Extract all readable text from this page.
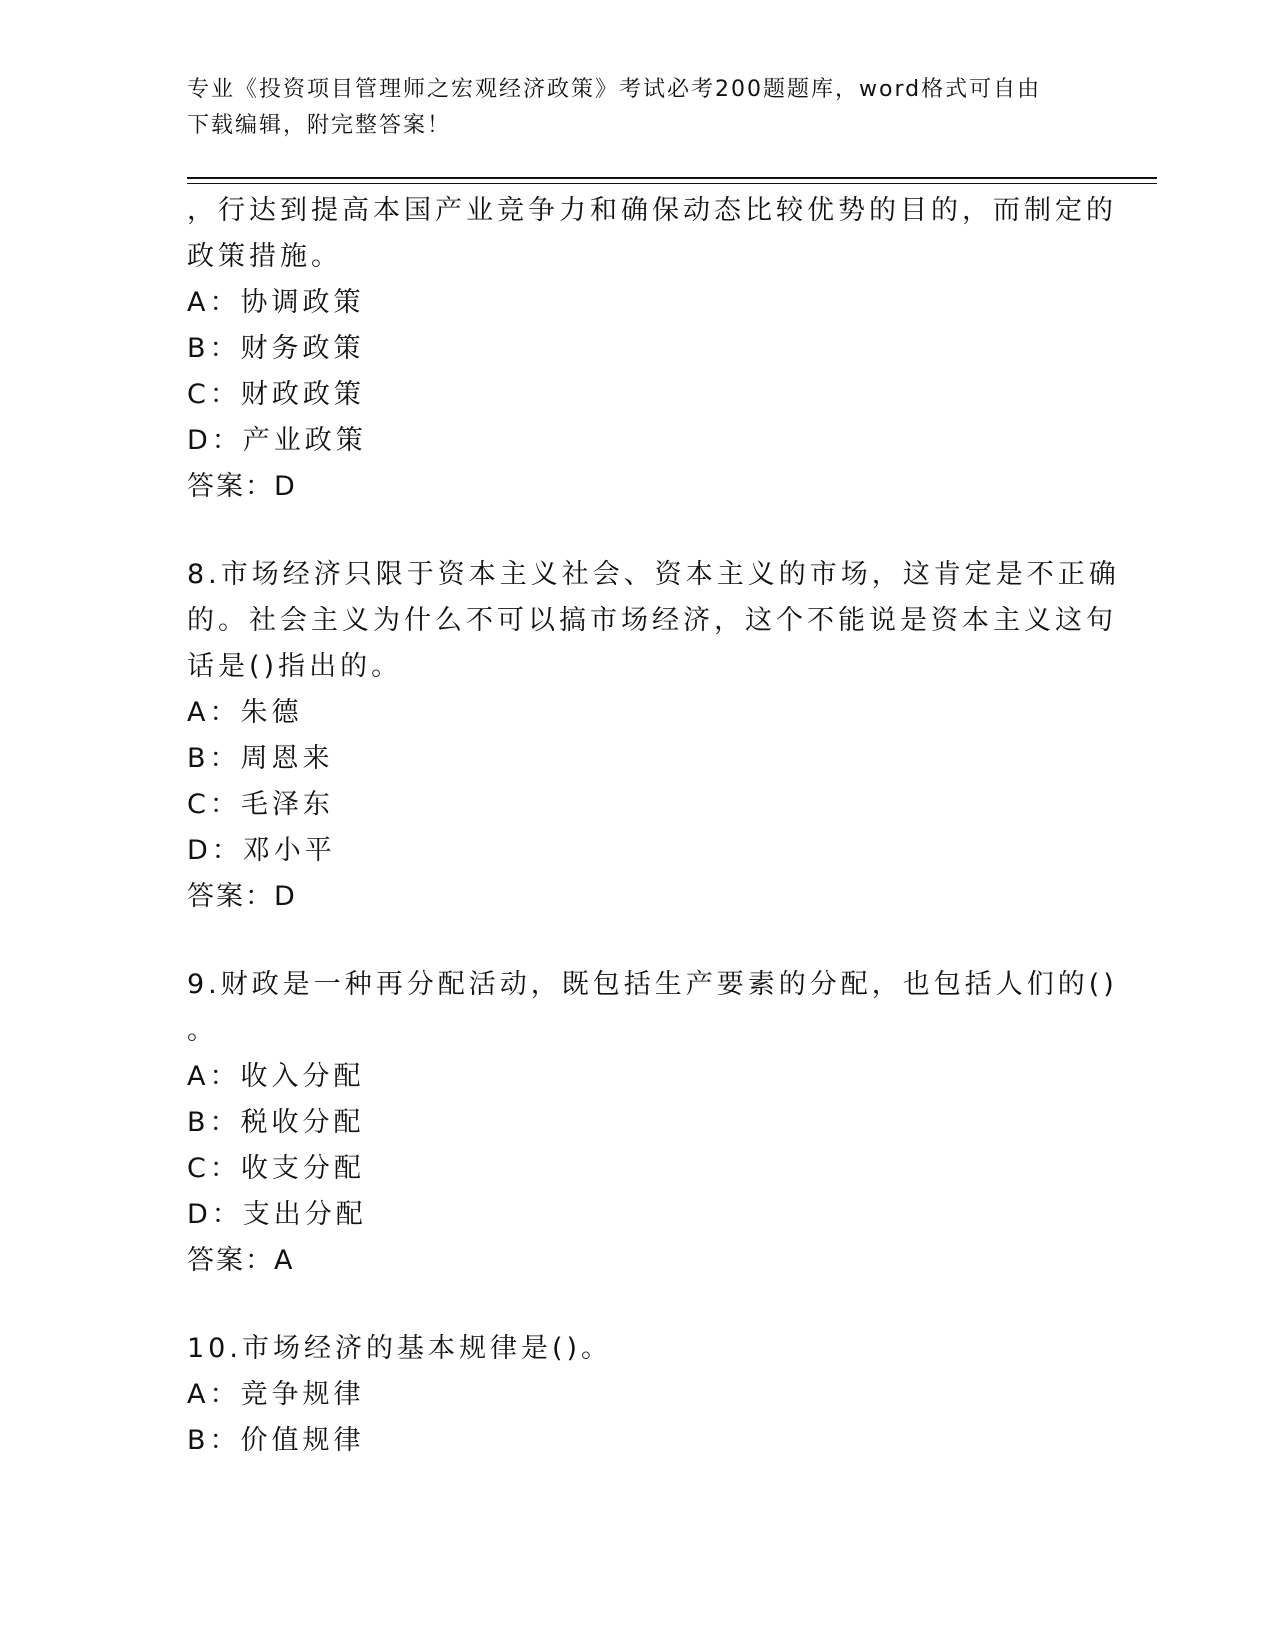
专业《投资项目管理师之宏观经济政策》考试必考200题题库，word格式可自由
下载编辑，附完整答案！
，行达到提高本国产业竞争力和确保动态比较优势的目的，而制定的
政策措施。
A：协调政策
B：财务政策
C：财政政策
D：产业政策
答案：D
8.市场经济只限于资本主义社会、资本主义的市场，这肯定是不正确
的。社会主义为什么不可以搞市场经济，这个不能说是资本主义这句
话是()指出的。
A：朱德
B：周恩来
C：毛泽东
D：邓小平
答案：D
9.财政是一种再分配活动，既包括生产要素的分配，也包括人们的()
。
A：收入分配
B：税收分配
C：收支分配
D：支出分配
答案：A
10.市场经济的基本规律是()。
A：竞争规律
B：价值规律
